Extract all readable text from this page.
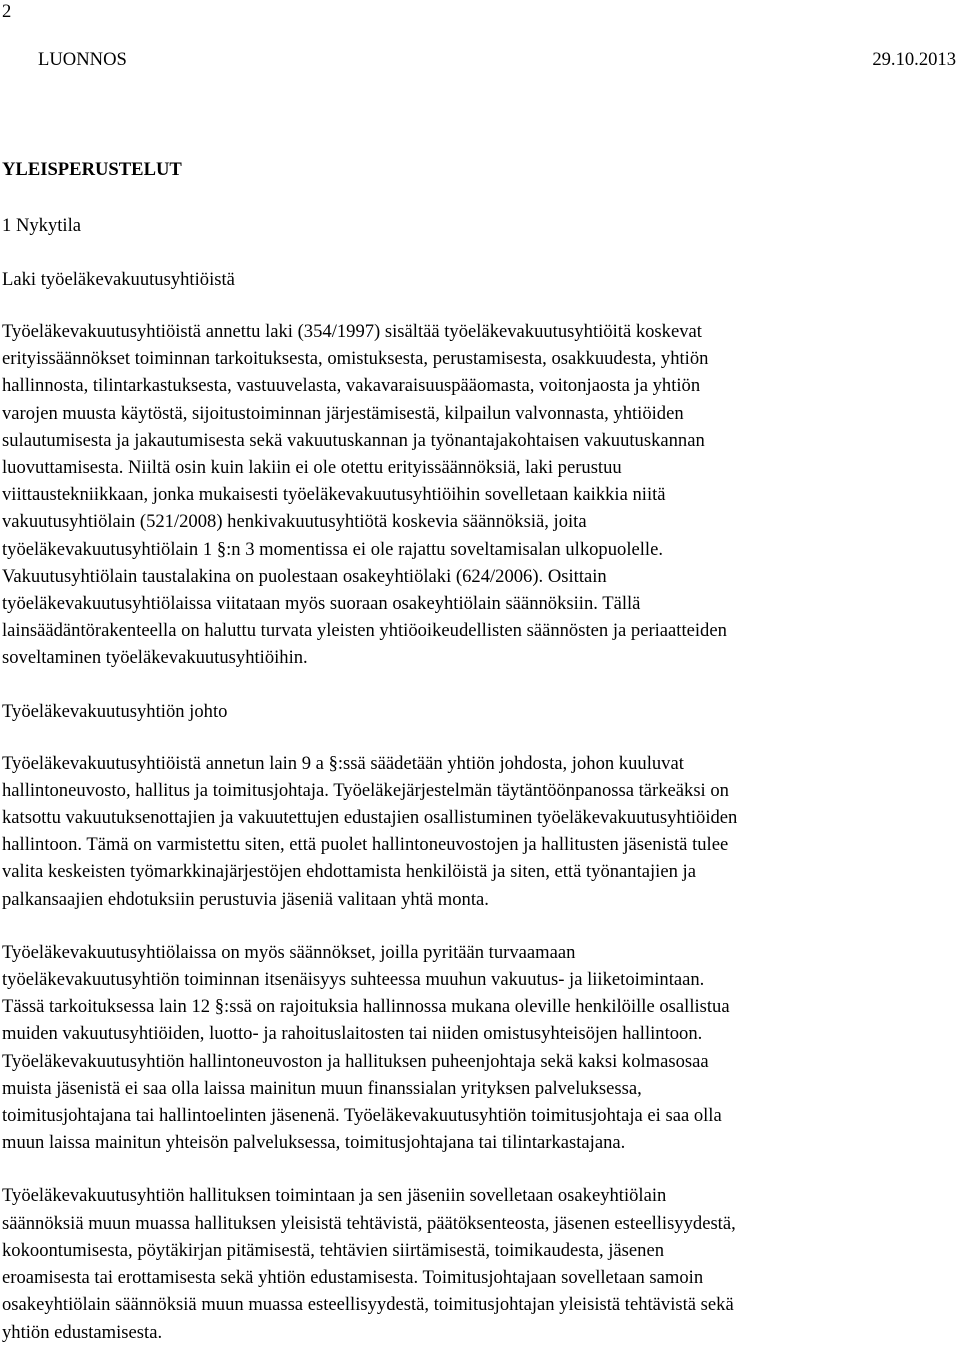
2
LUONNOS	29.10.2013
YLEISPERUSTELUT
1 Nykytila
Laki työeläkevakuutusyhtiöistä
Työeläkevakuutusyhtiöistä annettu laki (354/1997) sisältää työeläkevakuutusyhtiöitä koskevat
erityissäännökset toiminnan tarkoituksesta, omistuksesta, perustamisesta, osakkuudesta, yhtiön
hallinnosta, tilintarkastuksesta, vastuuvelasta, vakavaraisuuspääomasta, voitonjaosta ja yhtiön
varojen muusta käytöstä, sijoitustoiminnan järjestämisestä, kilpailun valvonnasta, yhtiöiden
sulautumisesta ja jakautumisesta sekä vakuutuskannan ja työnantajakohtaisen vakuutuskannan
luovuttamisesta. Niiltä osin kuin lakiin ei ole otettu erityissäännöksiä, laki perustuu
viittaustekniikkaan, jonka mukaisesti työeläkevakuutusyhtiöihin sovelletaan kaikkia niitä
vakuutusyhtiölain (521/2008) henkivakuutusyhtiötä koskevia säännöksiä, joita
työeläkevakuutusyhtiölain 1 §:n 3 momentissa ei ole rajattu soveltamisalan ulkopuolelle.
Vakuutusyhtiölain taustalakina on puolestaan osakeyhtiölaki (624/2006). Osittain
työeläkevakuutusyhtiölaissa viitataan myös suoraan osakeyhtiölain säännöksiin. Tällä
lainsäädäntörakenteella on haluttu turvata yleisten yhtiöoikeudellisten säännösten ja periaatteiden
soveltaminen työeläkevakuutusyhtiöihin.
Työeläkevakuutusyhtiön johto
Työeläkevakuutusyhtiöistä annetun lain 9 a §:ssä säädetään yhtiön johdosta, johon kuuluvat
hallintoneuvosto, hallitus ja toimitusjohtaja. Työeläkejärjestelmän täytäntöönpanossa tärkeäksi on
katsottu vakuutuksenottajien ja vakuutettujen edustajien osallistuminen työeläkevakuutusyhtiöiden
hallintoon. Tämä on varmistettu siten, että puolet hallintoneuvostojen ja hallitusten jäsenistä tulee
valita keskeisten työmarkkinajärjestöjen ehdottamista henkilöistä ja siten, että työnantajien ja
palkansaajien ehdotuksiin perustuvia jäseniä valitaan yhtä monta.
Työeläkevakuutusyhtiölaissa on myös säännökset, joilla pyritään turvaamaan
työeläkevakuutusyhtiön toiminnan itsenäisyys suhteessa muuhun vakuutus- ja liiketoimintaan.
Tässä tarkoituksessa lain 12 §:ssä on rajoituksia hallinnossa mukana oleville henkilöille osallistua
muiden vakuutusyhtiöiden, luotto- ja rahoituslaitosten tai niiden omistusyhteisöjen hallintoon.
Työeläkevakuutusyhtiön hallintoneuvoston ja hallituksen puheenjohtaja sekä kaksi kolmasosaa
muista jäsenistä ei saa olla laissa mainitun muun finanssialan yrityksen palveluksessa,
toimitusjohtajana tai hallintoelinten jäsenenä. Työeläkevakuutusyhtiön toimitusjohtaja ei saa olla
muun laissa mainitun yhteisön palveluksessa, toimitusjohtajana tai tilintarkastajana.
Työeläkevakuutusyhtiön hallituksen toimintaan ja sen jäseniin sovelletaan osakeyhtiölain
säännöksiä muun muassa hallituksen yleisistä tehtävistä, päätöksenteosta, jäsenen esteellisyydestä,
kokoontumisesta, pöytäkirjan pitämisestä, tehtävien siirtämisestä, toimikaudesta, jäsenen
eroamisesta tai erottamisesta sekä yhtiön edustamisesta. Toimitusjohtajaan sovelletaan samoin
osakeyhtiölain säännöksiä muun muassa esteellisyydestä, toimitusjohtajan yleisistä tehtävistä sekä
yhtiön edustamisesta.
